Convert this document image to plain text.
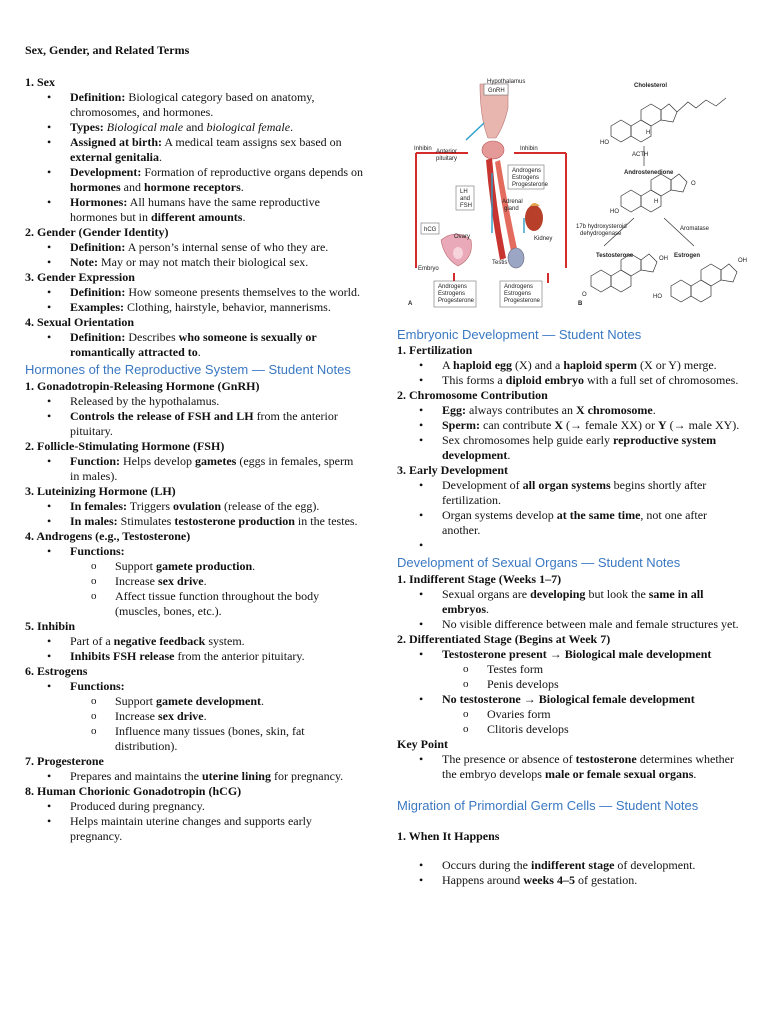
Sex, Gender, and Related Terms
1. Sex
• Definition: Biological category based on anatomy, chromosomes, and hormones.
• Types: Biological male and biological female.
• Assigned at birth: A medical team assigns sex based on external genitalia.
• Development: Formation of reproductive organs depends on hormones and hormone receptors.
• Hormones: All humans have the same reproductive hormones but in different amounts.
2. Gender (Gender Identity)
• Definition: A person’s internal sense of who they are.
• Note: May or may not match their biological sex.
3. Gender Expression
• Definition: How someone presents themselves to the world.
• Examples: Clothing, hairstyle, behavior, mannerisms.
4. Sexual Orientation
• Definition: Describes who someone is sexually or romantically attracted to.
Hormones of the Reproductive System — Student Notes
1. Gonadotropin-Releasing Hormone (GnRH)
• Released by the hypothalamus.
• Controls the release of FSH and LH from the anterior pituitary.
2. Follicle-Stimulating Hormone (FSH)
• Function: Helps develop gametes (eggs in females, sperm in males).
3. Luteinizing Hormone (LH)
• In females: Triggers ovulation (release of the egg).
• In males: Stimulates testosterone production in the testes.
4. Androgens (e.g., Testosterone)
• Functions:
o Support gamete production.
o Increase sex drive.
o Affect tissue function throughout the body (muscles, bones, etc.).
5. Inhibin
• Part of a negative feedback system.
• Inhibits FSH release from the anterior pituitary.
6. Estrogens
• Functions:
o Support gamete development.
o Increase sex drive.
o Influence many tissues (bones, skin, fat distribution).
7. Progesterone
• Prepares and maintains the uterine lining for pregnancy.
8. Human Chorionic Gonadotropin (hCG)
• Produced during pregnancy.
• Helps maintain uterine changes and supports early pregnancy.
Hypothalamus
GnRH
Inhibin	Inhibin
Anterior
pituitary
LH
and
FSH
Androgens
Estrogens
Progesterone
Adrenal
gland
Kidney
hCG
Ovary
Embryo
Testis
Androgens
Estrogens
Progesterone
Androgens
Estrogens
Progesterone
A
Cholesterol
ACTH
Androstenedione
17b hydroxysteroid
dehydrogenase
Aromatase
Testosterone	Estrogen
OH	OH
O
O
HO
HO
HO
H
H
B
Embryonic Development — Student Notes
1. Fertilization
• A haploid egg (X) and a haploid sperm (X or Y) merge.
• This forms a diploid embryo with a full set of chromosomes.
2. Chromosome Contribution
• Egg: always contributes an X chromosome.
• Sperm: can contribute X (→ female XX) or Y (→ male XY).
• Sex chromosomes help guide early reproductive system development.
3. Early Development
• Development of all organ systems begins shortly after fertilization.
• Organ systems develop at the same time, not one after another.
•
Development of Sexual Organs — Student Notes
1. Indifferent Stage (Weeks 1–7)
• Sexual organs are developing but look the same in all embryos.
• No visible difference between male and female structures yet.
2. Differentiated Stage (Begins at Week 7)
• Testosterone present → Biological male development
o Testes form
o Penis develops
• No testosterone → Biological female development
o Ovaries form
o Clitoris develops
Key Point
• The presence or absence of testosterone determines whether the embryo develops male or female sexual organs.
Migration of Primordial Germ Cells — Student Notes
1. When It Happens
• Occurs during the indifferent stage of development.
• Happens around weeks 4–5 of gestation.
